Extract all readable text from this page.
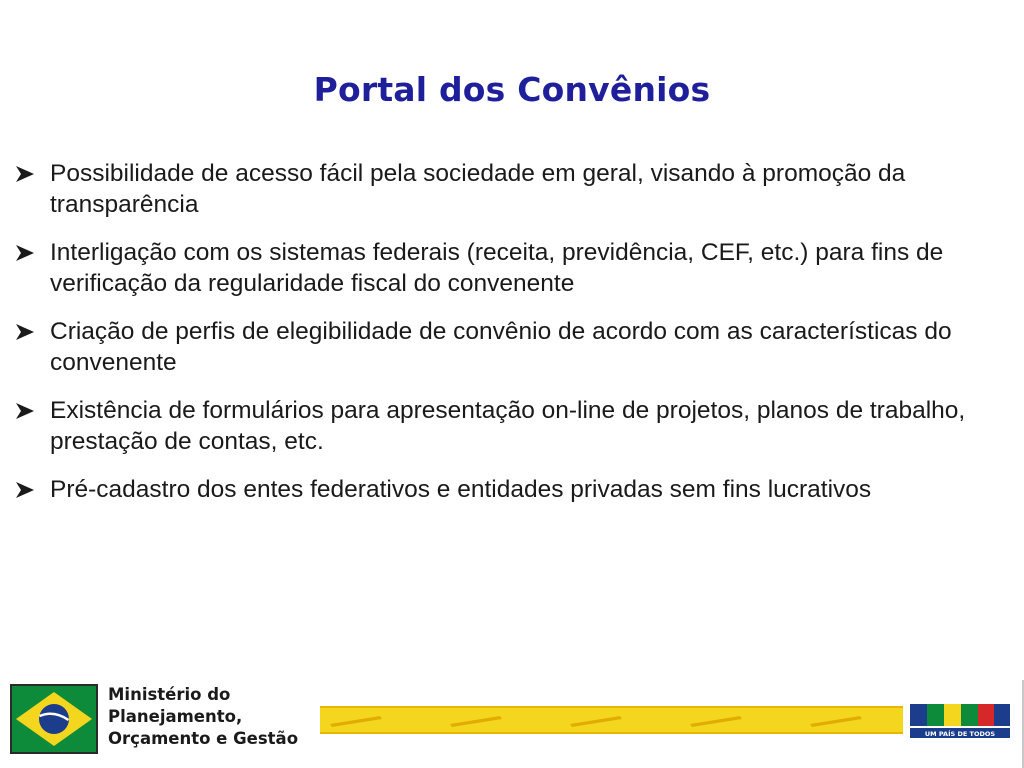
Portal dos Convênios
Possibilidade de acesso fácil pela sociedade em geral, visando à promoção da transparência
Interligação com os sistemas federais (receita, previdência, CEF, etc.) para fins de verificação da regularidade fiscal do convenente
Criação de perfis de elegibilidade de convênio de acordo com as características do convenente
Existência de formulários para apresentação on-line de projetos, planos de trabalho, prestação de contas, etc.
Pré-cadastro dos entes federativos e entidades privadas sem fins lucrativos
Ministério do
Planejamento,
Orçamento e Gestão	UM PAÍS DE TODOS
